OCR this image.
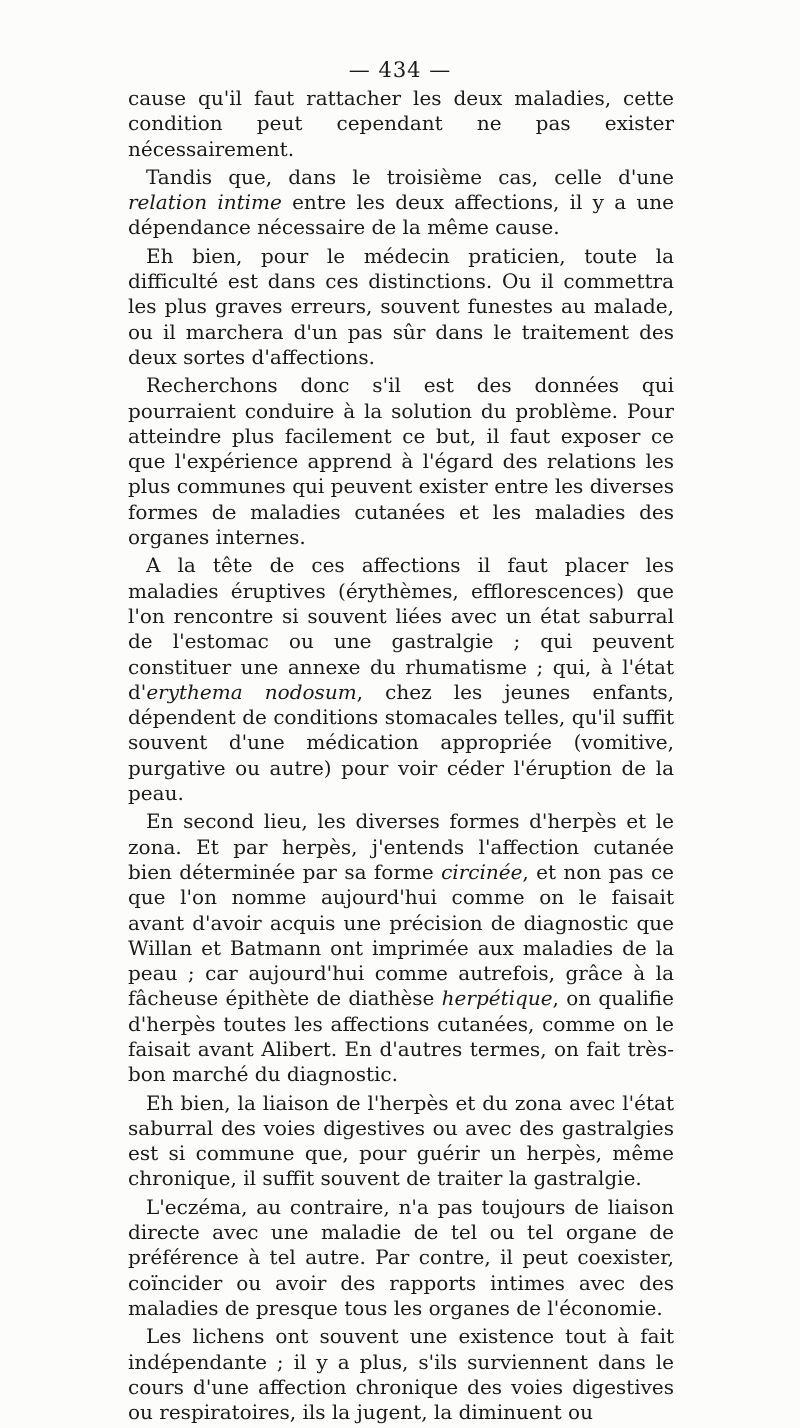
— 434 —

cause qu'il faut rattacher les deux maladies, cette condition peut cependant ne pas exister nécessairement.

Tandis que, dans le troisième cas, celle d'une relation intime entre les deux affections, il y a une dépendance nécessaire de la même cause.

Eh bien, pour le médecin praticien, toute la difficulté est dans ces distinctions. Ou il commettra les plus graves erreurs, souvent funestes au malade, ou il marchera d'un pas sûr dans le traitement des deux sortes d'affections.

Recherchons donc s'il est des données qui pourraient conduire à la solution du problème. Pour atteindre plus facilement ce but, il faut exposer ce que l'expérience apprend à l'égard des relations les plus communes qui peuvent exister entre les diverses formes de maladies cutanées et les maladies des organes internes.

A la tête de ces affections il faut placer les maladies éruptives (érythèmes, efflorescences) que l'on rencontre si souvent liées avec un état saburral de l'estomac ou une gastralgie ; qui peuvent constituer une annexe du rhumatisme ; qui, à l'état d'erythema nodosum, chez les jeunes enfants, dépendent de conditions stomacales telles, qu'il suffit souvent d'une médication appropriée (vomitive, purgative ou autre) pour voir céder l'éruption de la peau.

En second lieu, les diverses formes d'herpès et le zona. Et par herpès, j'entends l'affection cutanée bien déterminée par sa forme circinée, et non pas ce que l'on nomme aujourd'hui comme on le faisait avant d'avoir acquis une précision de diagnostic que Willan et Batmann ont imprimée aux maladies de la peau ; car aujourd'hui comme autrefois, grâce à la fâcheuse épithète de diathèse herpétique, on qualifie d'herpès toutes les affections cutanées, comme on le faisait avant Alibert. En d'autres termes, on fait très-bon marché du diagnostic.

Eh bien, la liaison de l'herpès et du zona avec l'état saburral des voies digestives ou avec des gastralgies est si commune que, pour guérir un herpès, même chronique, il suffit souvent de traiter la gastralgie.

L'eczéma, au contraire, n'a pas toujours de liaison directe avec une maladie de tel ou tel organe de préférence à tel autre. Par contre, il peut coexister, coïncider ou avoir des rapports intimes avec des maladies de presque tous les organes de l'économie.

Les lichens ont souvent une existence tout à fait indépendante ; il y a plus, s'ils surviennent dans le cours d'une affection chronique des voies digestives ou respiratoires, ils la jugent, la diminuent ou
